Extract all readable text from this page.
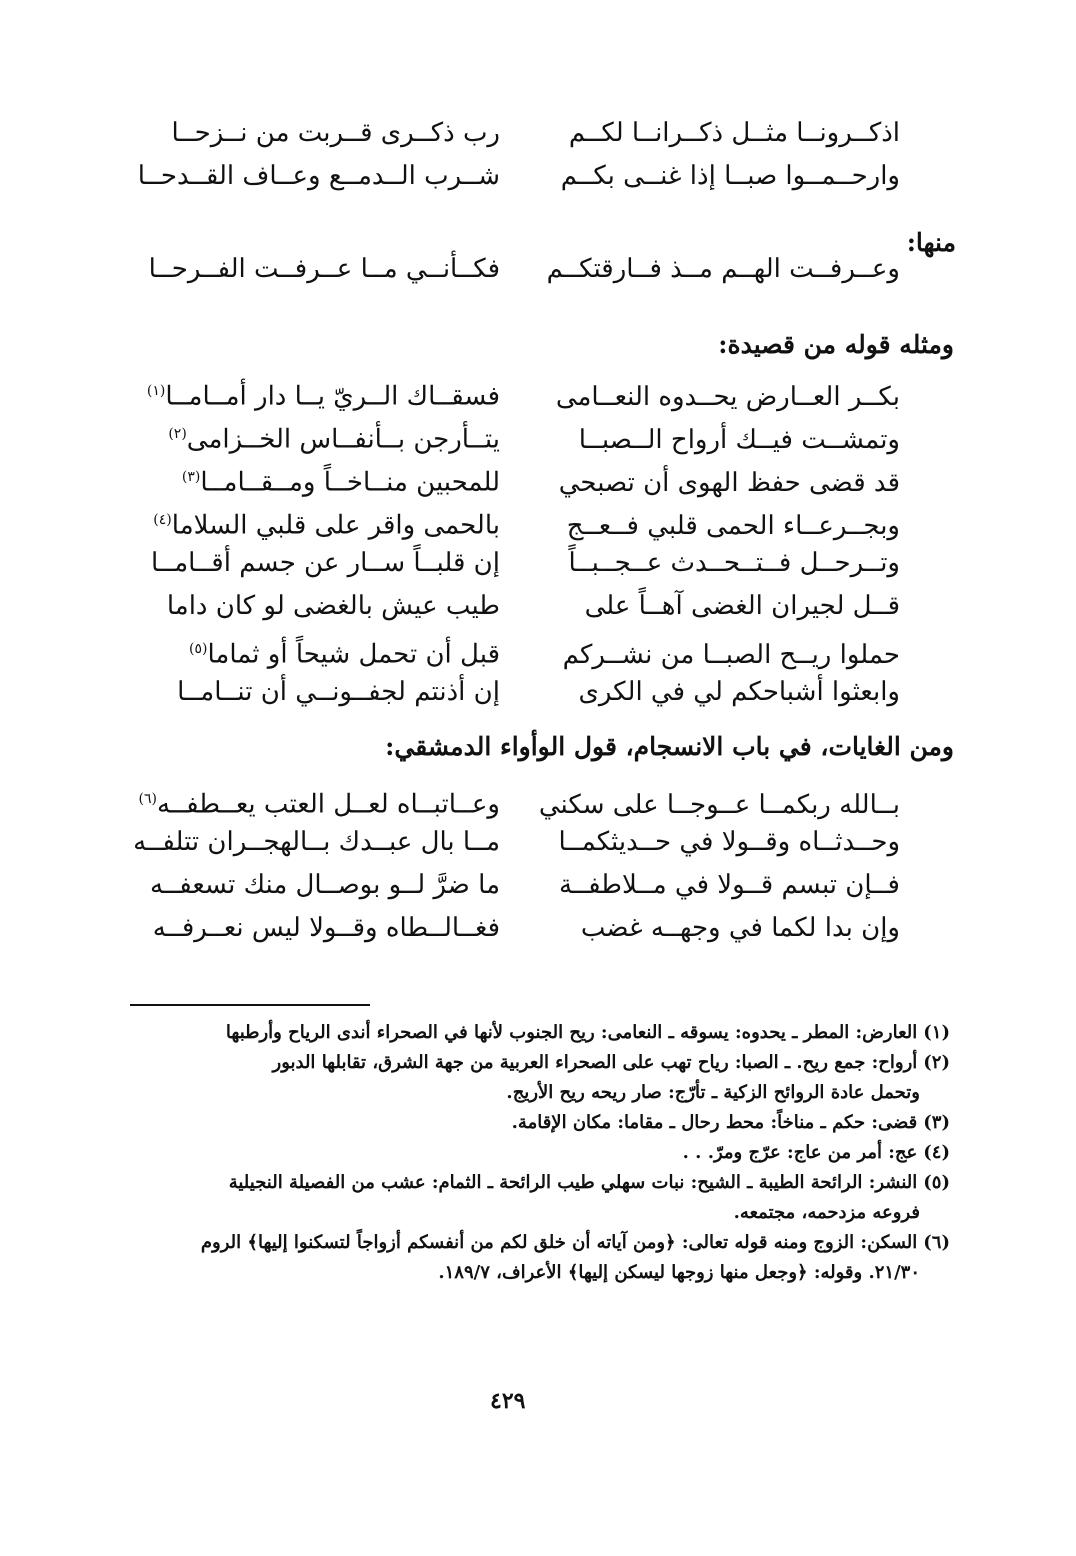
اذكــرونــا مثــل ذكــرانــا لكــم
رب ذكــرى قــربت من نــزحــا
وارحــمــوا صبــا إذا غنــى بكــم
شــرب الــدمــع وعــاف القــدحــا
منها:
وعــرفــت الهــم مــذ فــارقتكــم
فكــأنــي مــا عــرفــت الفــرحــا
ومثله قوله من قصيدة:
بكــر العــارض يحــدوه النعــامى
فسقــاك الــريّ يــا دار أمــامــا$^{(١)}$
وتمشــت فيــك أرواح الــصبــا
يتــأرجن بــأنفــاس الخــزامى$^{(٢)}$
قد قضى حفظ الهوى أن تصبحي
للمحبين منــاخــاً ومــقــامــا$^{(٣)}$
وبجــرعــاء الحمى قلبي فــعــج
بالحمى واقر على قلبي السلاما$^{(٤)}$
وتــرحــل فــتــحــدث عــجــبــاً
إن قلبــاً ســار عن جسم أقــامــا
قــل لجيران الغضى آهــاً على
طيب عيش بالغضى لو كان داما
حملوا ريــح الصبــا من نشــركم
قبل أن تحمل شيحاً أو ثماما$^{(٥)}$
وابعثوا أشباحكم لي في الكرى
إن أذنتم لجفــونــي أن تنــامــا
ومن الغايات، في باب الانسجام، قول الوأواء الدمشقي:
بــالله ربكمــا عــوجــا على سكني
وعــاتبــاه لعــل العتب يعــطفــه$^{(٦)}$
وحــدثــاه وقــولا في حــديثكمــا
مــا بال عبــدك بــالهجــران تتلفــه
فــإن تبسم قــولا في مــلاطفــة
ما ضرَّ لــو بوصــال منك تسعفــه
وإن بدا لكما في وجهــه غضب
فغــالــطاه وقــولا ليس نعــرفــه
(١)العارض: المطر ـ يحدوه: يسوقه ـ النعامى: ريح الجنوب لأنها في الصحراء أندى الرياح وأرطبها
(٢)أرواح: جمع ريح. ـ الصبا: رياح تهب على الصحراء العربية من جهة الشرق، تقابلها الدبور
وتحمل عادة الروائح الزكية ـ تأرّج: صار ريحه ريح الأريج.
(٣)قضى: حكم ـ مناخاً: محط رحال ـ مقاما: مكان الإقامة.
(٤)عج: أمر من عاج: عرّج ومرّ. . .
(٥)النشر: الرائحة الطيبة ـ الشيح: نبات سهلي طيب الرائحة ـ الثمام: عشب من الفصيلة النجيلية
فروعه مزدحمه، مجتمعه.
(٦)السكن: الزوج ومنه قوله تعالى: ﴿ومن آياته أن خلق لكم من أنفسكم أزواجاً لتسكنوا إليها﴾ الروم
٢١/٣٠. وقوله: ﴿وجعل منها زوجها ليسكن إليها﴾ الأعراف، ١٨٩/٧.
٤٢٩
